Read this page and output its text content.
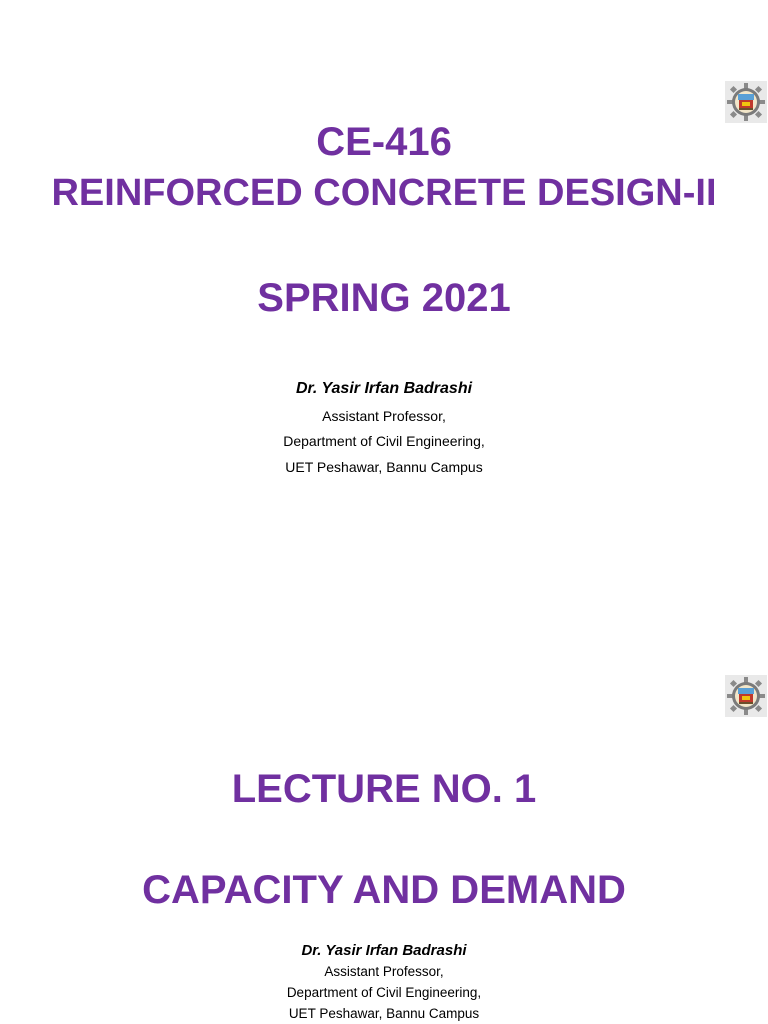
CE-416
REINFORCED CONCRETE DESIGN-II
SPRING 2021
Dr. Yasir Irfan Badrashi
Assistant Professor,
Department of Civil Engineering,
UET Peshawar, Bannu Campus
LECTURE NO. 1
CAPACITY AND DEMAND
Dr. Yasir Irfan Badrashi
Assistant Professor,
Department of Civil Engineering,
UET Peshawar, Bannu Campus
